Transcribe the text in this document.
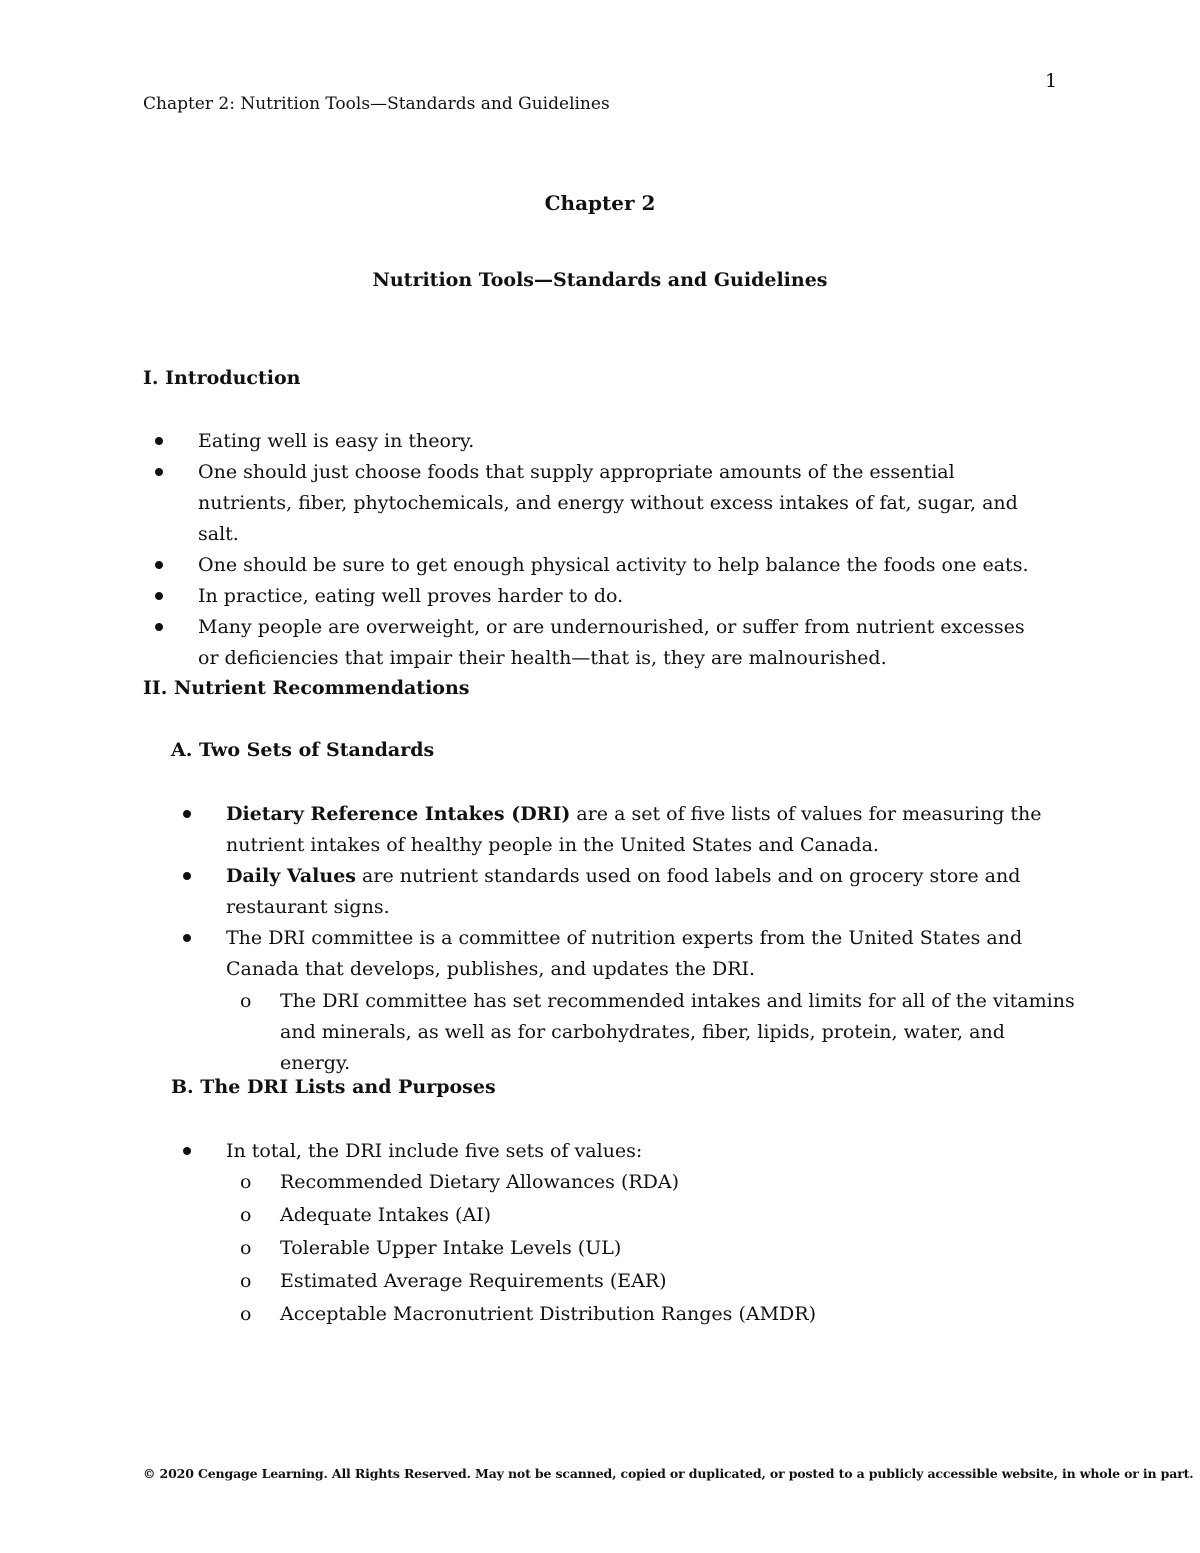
1
Chapter 2: Nutrition Tools—Standards and Guidelines
Chapter 2
Nutrition Tools—Standards and Guidelines
I. Introduction
Eating well is easy in theory.
One should just choose foods that supply appropriate amounts of the essential nutrients, fiber, phytochemicals, and energy without excess intakes of fat, sugar, and salt.
One should be sure to get enough physical activity to help balance the foods one eats.
In practice, eating well proves harder to do.
Many people are overweight, or are undernourished, or suffer from nutrient excesses or deficiencies that impair their health—that is, they are malnourished.
II. Nutrient Recommendations
A. Two Sets of Standards
Dietary Reference Intakes (DRI) are a set of five lists of values for measuring the nutrient intakes of healthy people in the United States and Canada.
Daily Values are nutrient standards used on food labels and on grocery store and restaurant signs.
The DRI committee is a committee of nutrition experts from the United States and Canada that develops, publishes, and updates the DRI.
o The DRI committee has set recommended intakes and limits for all of the vitamins and minerals, as well as for carbohydrates, fiber, lipids, protein, water, and energy.
B. The DRI Lists and Purposes
In total, the DRI include five sets of values:
o Recommended Dietary Allowances (RDA)
o Adequate Intakes (AI)
o Tolerable Upper Intake Levels (UL)
o Estimated Average Requirements (EAR)
o Acceptable Macronutrient Distribution Ranges (AMDR)
© 2020 Cengage Learning. All Rights Reserved. May not be scanned, copied or duplicated, or posted to a publicly accessible website, in whole or in part.
